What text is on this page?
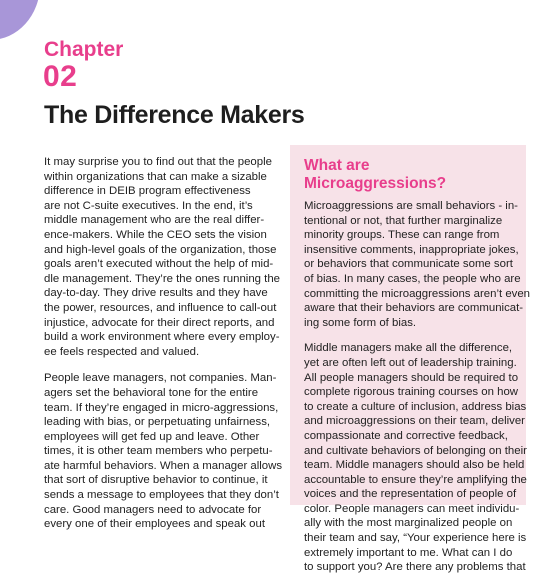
Chapter
02
The Difference Makers

It may surprise you to find out that the people
within organizations that can make a sizable
difference in DEIB program effectiveness
are not C-suite executives. In the end, it’s
middle management who are the real differ-
ence-makers. While the CEO sets the vision
and high-level goals of the organization, those
goals aren’t executed without the help of mid-
dle management. They’re the ones running the
day-to-day. They drive results and they have
the power, resources, and influence to call-out
injustice, advocate for their direct reports, and
build a work environment where every employ-
ee feels respected and valued.

People leave managers, not companies. Man-
agers set the behavioral tone for the entire
team. If they’re engaged in micro-aggressions,
leading with bias, or perpetuating unfairness,
employees will get fed up and leave. Other
times, it is other team members who perpetu-
ate harmful behaviors. When a manager allows
that sort of disruptive behavior to continue, it
sends a message to employees that they don’t
care. Good managers need to advocate for
every one of their employees and speak out

What are Microaggressions?

Microaggressions are small behaviors - in-
tentional or not, that further marginalize
minority groups. These can range from
insensitive comments, inappropriate jokes,
or behaviors that communicate some sort
of bias. In many cases, the people who are
committing the microaggressions aren’t even
aware that their behaviors are communicat-
ing some form of bias.

Middle managers make all the difference,
yet are often left out of leadership training.
All people managers should be required to
complete rigorous training courses on how
to create a culture of inclusion, address bias
and microaggressions on their team, deliver
compassionate and corrective feedback,
and cultivate behaviors of belonging on their
team. Middle managers should also be held
accountable to ensure they’re amplifying the
voices and the representation of people of
color. People managers can meet individu-
ally with the most marginalized people on
their team and say, “Your experience here is
extremely important to me. What can I do
to support you? Are there any problems that
